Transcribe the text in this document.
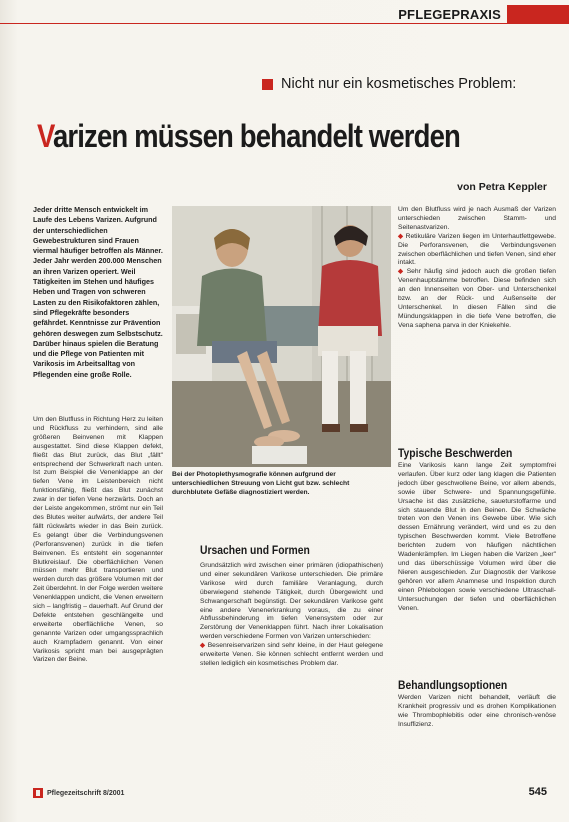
PFLEGEPRAXIS
Nicht nur ein kosmetisches Problem:
Varizen müssen behandelt werden
von Petra Keppler

Jeder dritte Mensch entwickelt im Laufe des Lebens Varizen. Aufgrund der unterschiedlichen Gewebestrukturen sind Frauen viermal häufiger betroffen als Männer. Jeder Jahr werden 200.000 Menschen an ihren Varizen operiert. Weil Tätigkeiten im Stehen und häufiges Heben und Tragen von schweren Lasten zu den Risikofaktoren zählen, sind Pflegekräfte besonders gefährdet. Kenntnisse zur Prävention gehören deswegen zum Selbstschutz. Darüber hinaus spielen die Beratung und die Pflege von Patienten mit Varikosis im Arbeitsalltag von Pflegenden eine große Rolle.

Bei der Photoplethysmografie können aufgrund der unterschiedlichen Streuung von Licht gut bzw. schlecht durchblutete Gefäße diagnostiziert werden.

Um den Blutfluss in Richtung Herz zu leiten und Rückfluss zu verhindern, sind alle größeren Beinvenen mit Klappen ausgestattet. Sind diese Klappen defekt, fließt das Blut zurück, das Blut „fällt" entsprechend der Schwerkraft nach unten. Ist zum Beispiel die Venenklappe an der tiefen Vene im Leistenbereich nicht funktionsfähig, fließt das Blut zunächst zwar in der tiefen Vene herzwärts. Doch an der Leiste angekommen, strömt nur ein Teil des Blutes weiter aufwärts, der andere Teil fällt rückwärts wieder in das Bein zurück. Es gelangt über die Verbindungsvenen (Perforansvenen) zurück in die tiefen Beinvenen. Es entsteht ein sogenannter Blutkreislauf. Die oberflächlichen Venen müssen mehr Blut transportieren und werden durch das größere Volumen mit der Zeit überdehnt. In der Folge werden weitere Venenklappen undicht, die Venen erweitern sich – langfristig – dauerhaft. Auf Grund der Defekte entstehen geschlängelte und erweiterte oberflächliche Venen, so genannte Varizen oder umgangssprachlich auch Krampfadern genannt. Von einer Varikosis spricht man bei ausgeprägten Varizen der Beine.

Ursachen und Formen

Grundsätzlich wird zwischen einer primären (idiopathischen) und einer sekundären Varikose unterschieden. Die primäre Varikose wird durch familiäre Veranlagung, durch überwiegend stehende Tätigkeit, durch Übergewicht und Schwangerschaft begünstigt. Der sekundären Varikose geht eine andere Venenerkrankung voraus, die zu einer Abflussbehinderung im tiefen Venensystem oder zur Zerstörung der Venenklappen führt. Nach ihrer Lokalisation werden verschiedene Formen von Varizen unterschieden:

◆ Besenreiservarizen sind sehr kleine, in der Haut gelegene erweiterte Venen. Sie können schlecht entfernt werden und stellen lediglich ein kosmetisches Problem dar.

Um den Blutfluss wird je nach Ausmaß der Varizen unterschieden zwischen Stamm- und Seitenastvarizen.

◆ Retikuläre Varizen liegen im Unterhautfettgewebe. Die Perforansvenen, die Verbindungsvenen zwischen oberflächlichen und tiefen Venen, sind eher intakt.

◆ Sehr häufig sind jedoch auch die großen tiefen Venenhauptstämme betroffen. Diese befinden sich an den Innenseiten von Ober- und Unterschenkel bzw. an der Rück- und Außenseite der Unterschenkel. In diesen Fällen sind die Mündungsklappen in die tiefe Vene betroffen, die Vena saphena parva in der Kniekehle.

Typische Beschwerden

Eine Varikosis kann lange Zeit symptomfrei verlaufen. Über kurz oder lang klagen die Patienten jedoch über geschwollene Beine, vor allem abends, sowie über Schwere- und Spannungsgefühle. Ursache ist das zusätzliche, saueturstoffarme und sich stauende Blut in den Beinen. Die Schwäche treten von den Venen ins Gewebe über. Wie sich dessen Ernährung verändert, wird und es zu den typischen Beschwerden kommt. Viele Betroffene berichten zudem von häufigen nächtlichen Wadenkrämpfen. Im Liegen haben die Varizen „leer" und das überschüssige Volumen wird über die Nieren ausgeschieden. Zur Diagnostik der Varikose gehören vor allem Anamnese und Inspektion durch einen Phlebologen sowie verschiedene Ultraschall-Untersuchungen der tiefen und oberflächlichen Venen.

Behandlungsoptionen

Werden Varizen nicht behandelt, verläuft die Krankheit progressiv und es drohen Komplikationen wie Thrombophlebitis oder eine chronisch-venöse Insuffizienz.

Pflegezeitschrift 8/2001	545
